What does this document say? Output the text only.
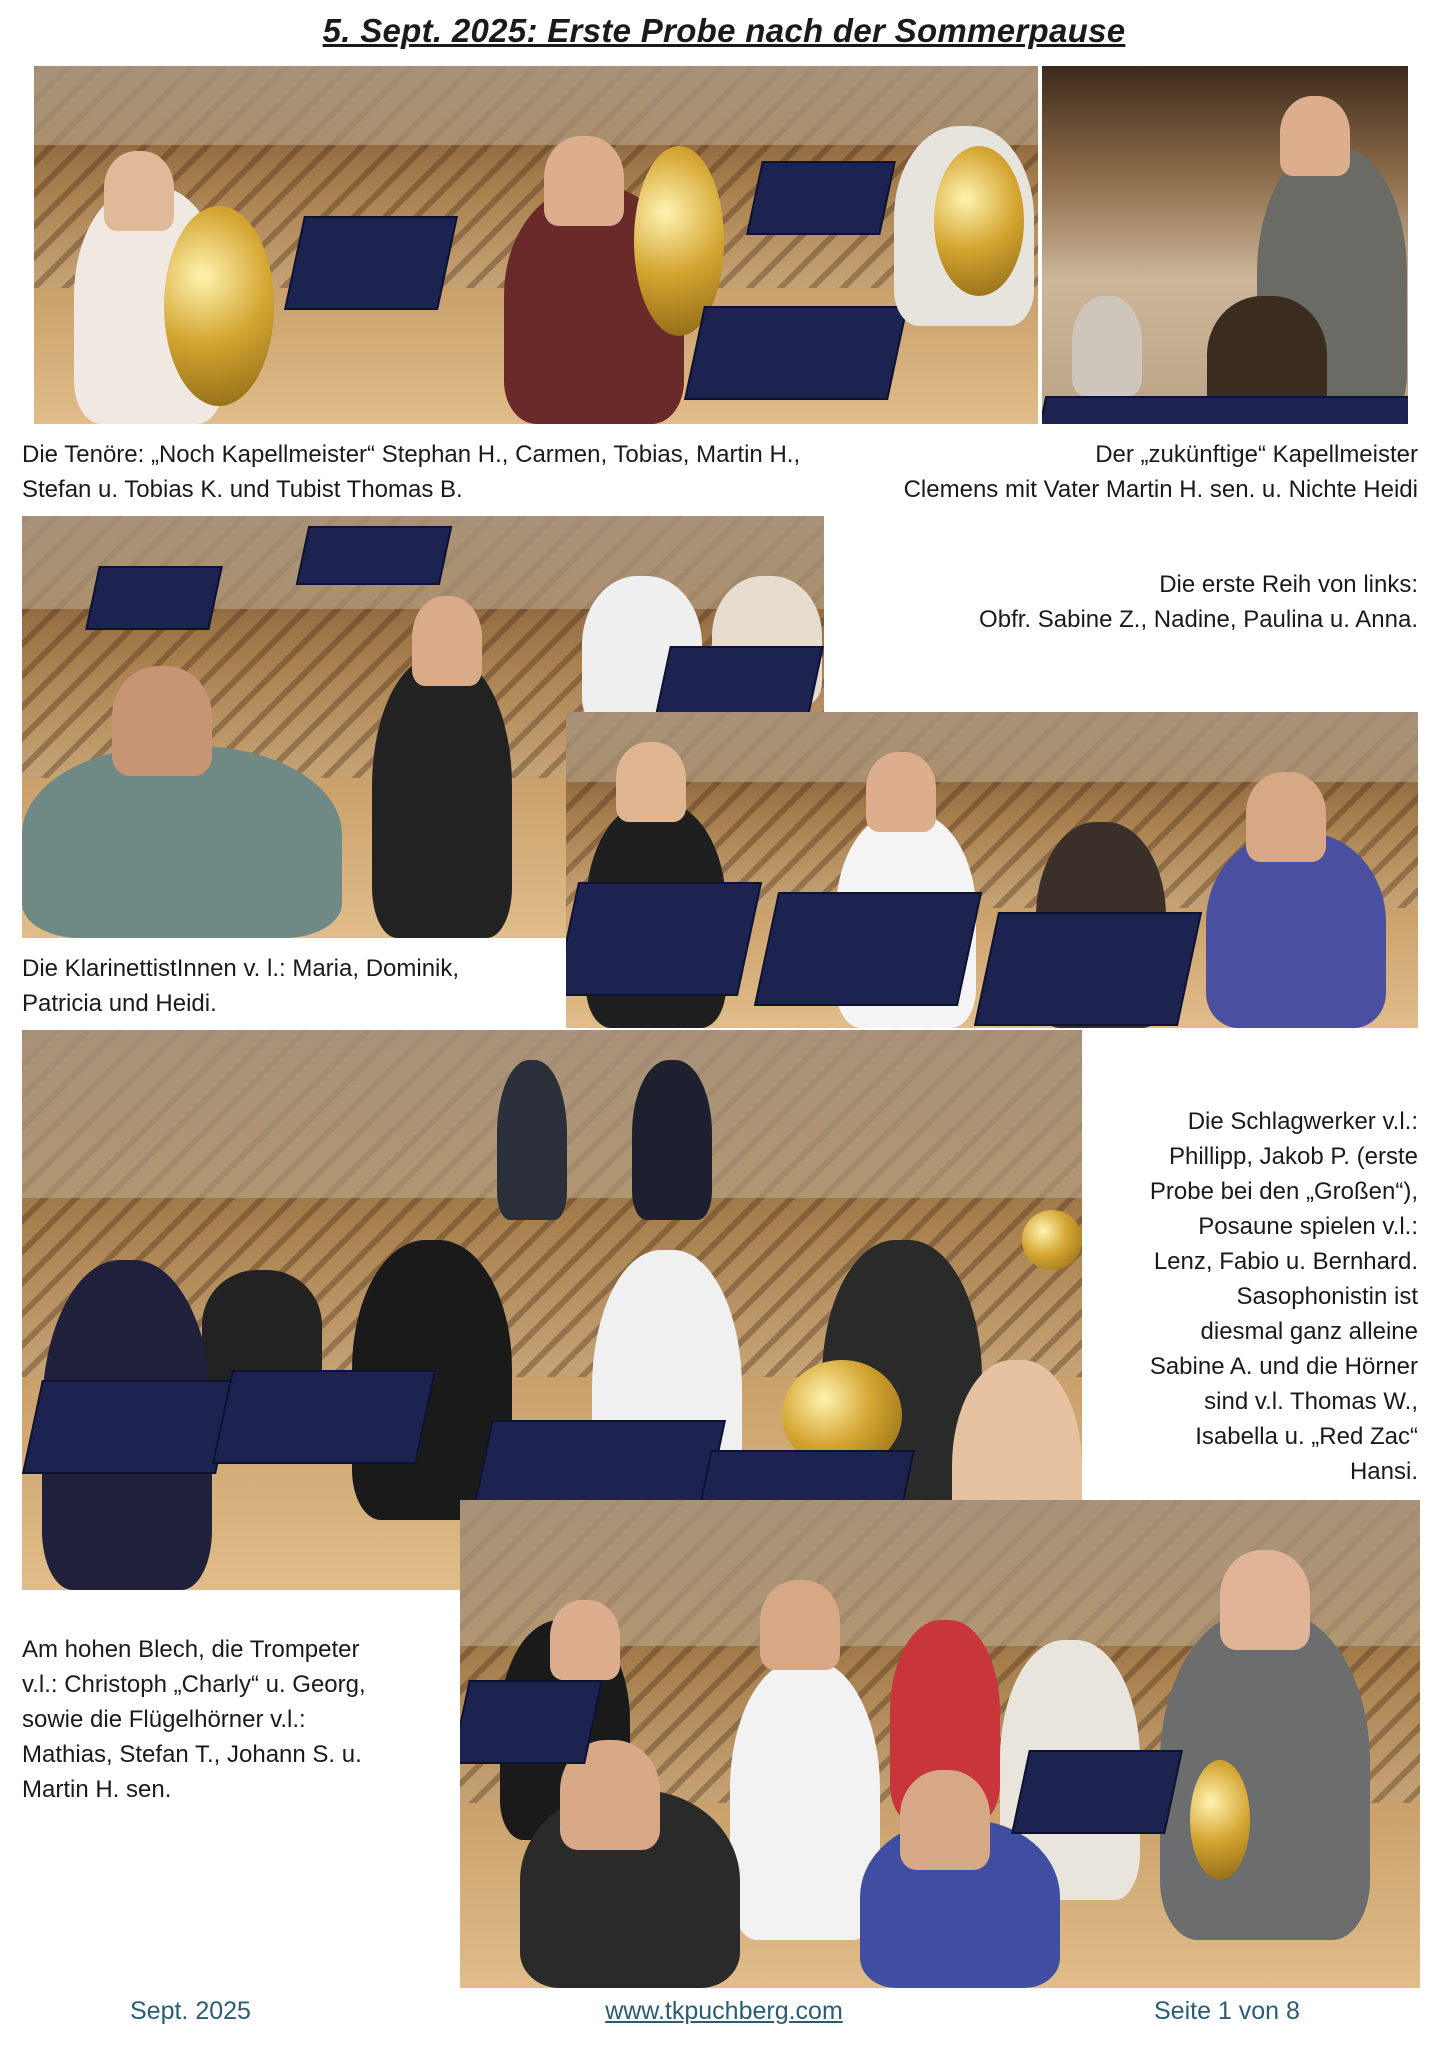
5. Sept. 2025: Erste Probe nach der Sommerpause
Die Tenöre: „Noch Kapellmeister“ Stephan H., Carmen, Tobias, Martin H.,
Stefan u. Tobias K. und Tubist Thomas B.
Der „zukünftige“ Kapellmeister
Clemens mit Vater Martin H. sen. u. Nichte Heidi
Die erste Reih von links:
Obfr. Sabine Z., Nadine, Paulina u. Anna.
Die KlarinettistInnen v. l.: Maria, Dominik,
Patricia und Heidi.
Die Schlagwerker v.l.:
Phillipp, Jakob P. (erste
Probe bei den „Großen“),
Posaune spielen v.l.:
Lenz, Fabio u. Bernhard.
Sasophonistin ist
diesmal ganz alleine
Sabine A. und die Hörner
sind v.l. Thomas W.,
Isabella u. „Red Zac“
Hansi.
Am hohen Blech, die Trompeter
v.l.: Christoph „Charly“ u. Georg,
sowie die Flügelhörner v.l.:
Mathias, Stefan T., Johann S. u.
Martin H. sen.
Sept. 2025	www.tkpuchberg.com	Seite 1 von 8
